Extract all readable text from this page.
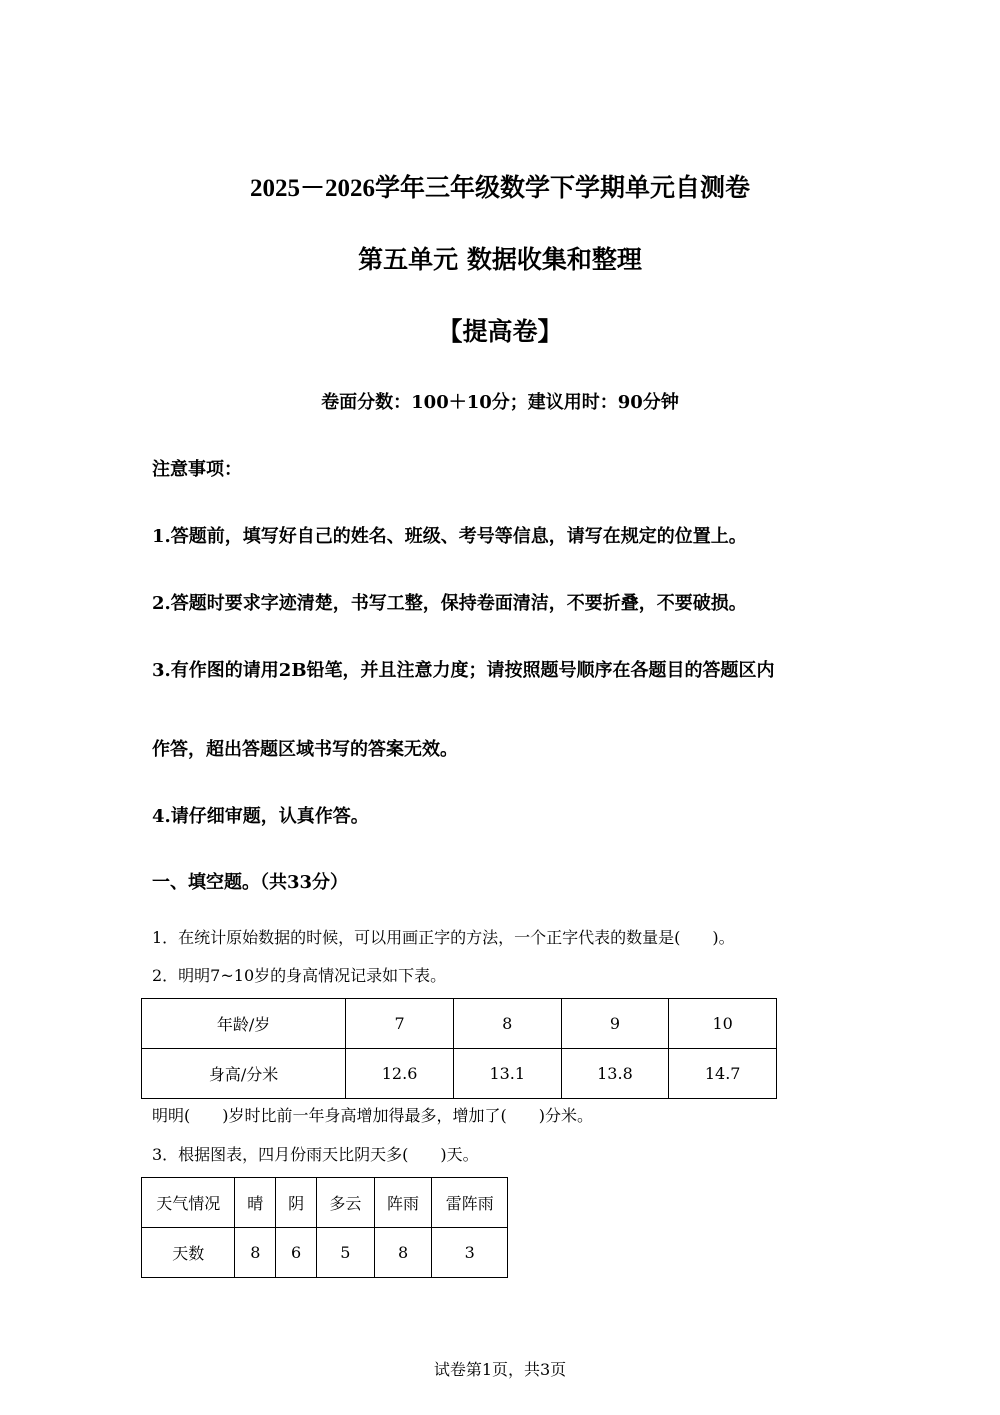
2025－2026学年三年级数学下学期单元自测卷
第五单元 数据收集和整理
【提高卷】
卷面分数：100＋10分；建议用时：90分钟
注意事项：
1.答题前，填写好自己的姓名、班级、考号等信息，请写在规定的位置上。
2.答题时要求字迹清楚，书写工整，保持卷面清洁，不要折叠，不要破损。
3.有作图的请用2B铅笔，并且注意力度；请按照题号顺序在各题目的答题区内
作答，超出答题区域书写的答案无效。
4.请仔细审题，认真作答。
一、填空题。（共33分）
1．在统计原始数据的时候，可以用画正字的方法，一个正字代表的数量是(　　)。
2．明明7~10岁的身高情况记录如下表。
年龄/岁	7	8	9	10
身高/分米	12.6	13.1	13.8	14.7
明明(　　)岁时比前一年身高增加得最多，增加了(　　)分米。
3．根据图表，四月份雨天比阴天多(　　)天。
天气情况	晴	阴	多云	阵雨	雷阵雨
天数	8	6	5	8	3
试卷第1页，共3页
